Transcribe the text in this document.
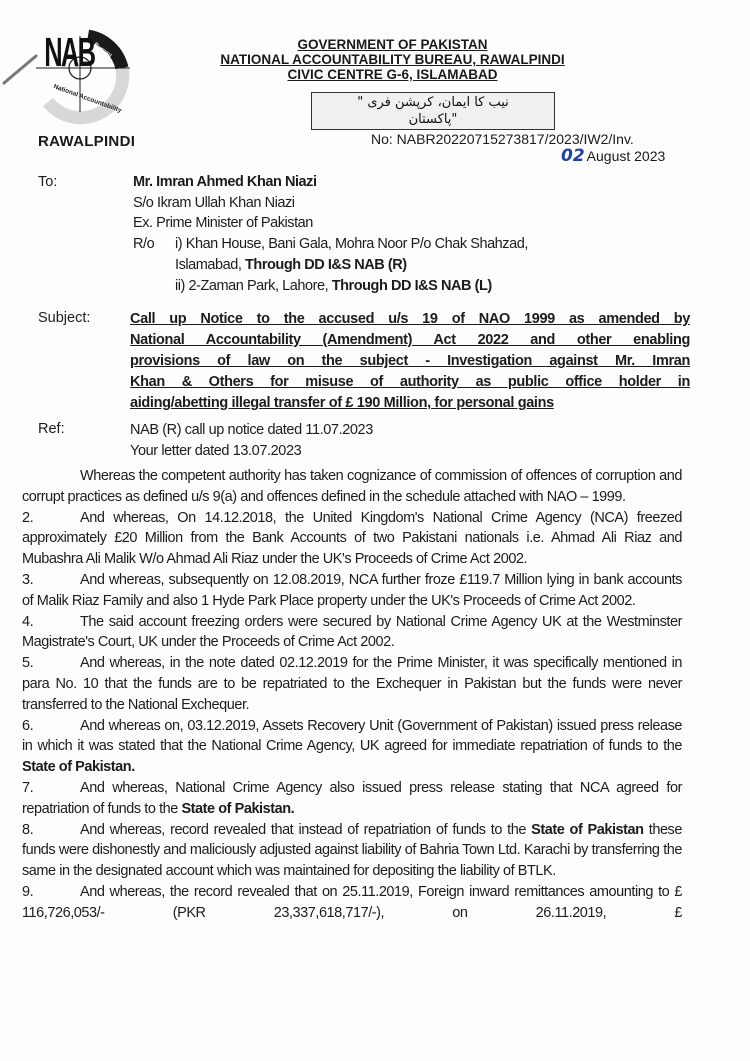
NAB
Bureau
National Accountability
RAWALPINDI
GOVERNMENT OF PAKISTAN
NATIONAL ACCOUNTABILITY BUREAU, RAWALPINDI
CIVIC CENTRE G-6, ISLAMABAD
نیب کا ایمان، کرپشن فری "
"پاکستان
No: NABR20220715273817/2023/IW2/Inv.
02 August 2023
To:	Mr. Imran Ahmed Khan Niazi
S/o Ikram Ullah Khan Niazi
Ex. Prime Minister of Pakistan
R/o i) Khan House, Bani Gala, Mohra Noor P/o Chak Shahzad,
Islamabad, Through DD I&S NAB (R)
ii) 2-Zaman Park, Lahore, Through DD I&S NAB (L)
Subject:	Call up Notice to the accused u/s 19 of NAO 1999 as amended by
National Accountability (Amendment) Act 2022 and other enabling
provisions of law on the subject - Investigation against Mr. Imran
Khan & Others for misuse of authority as public office holder in
aiding/abetting illegal transfer of £ 190 Million, for personal gains
Ref:	NAB (R) call up notice dated 11.07.2023
Your letter dated 13.07.2023

Whereas the competent authority has taken cognizance of commission of offences of corruption and corrupt practices as defined u/s 9(a) and offences defined in the schedule attached with NAO – 1999.

2.	And whereas, On 14.12.2018, the United Kingdom's National Crime Agency (NCA) freezed approximately £20 Million from the Bank Accounts of two Pakistani nationals i.e. Ahmad Ali Riaz and Mubashra Ali Malik W/o Ahmad Ali Riaz under the UK's Proceeds of Crime Act 2002.

3.	And whereas, subsequently on 12.08.2019, NCA further froze £119.7 Million lying in bank accounts of Malik Riaz Family and also 1 Hyde Park Place property under the UK's Proceeds of Crime Act 2002.

4.	The said account freezing orders were secured by National Crime Agency UK at the Westminster Magistrate's Court, UK under the Proceeds of Crime Act 2002.

5.	And whereas, in the note dated 02.12.2019 for the Prime Minister, it was specifically mentioned in para No. 10 that the funds are to be repatriated to the Exchequer in Pakistan but the funds were never transferred to the National Exchequer.

6.	And whereas on, 03.12.2019, Assets Recovery Unit (Government of Pakistan) issued press release in which it was stated that the National Crime Agency, UK agreed for immediate repatriation of funds to the State of Pakistan.

7.	And whereas, National Crime Agency also issued press release stating that NCA agreed for repatriation of funds to the State of Pakistan.

8.	And whereas, record revealed that instead of repatriation of funds to the State of Pakistan these funds were dishonestly and maliciously adjusted against liability of Bahria Town Ltd. Karachi by transferring the same in the designated account which was maintained for depositing the liability of BTLK.

9.	And whereas, the record revealed that on 25.11.2019, Foreign inward remittances amounting to £ 116,726,053/- (PKR 23,337,618,717/-), on 26.11.2019, £
